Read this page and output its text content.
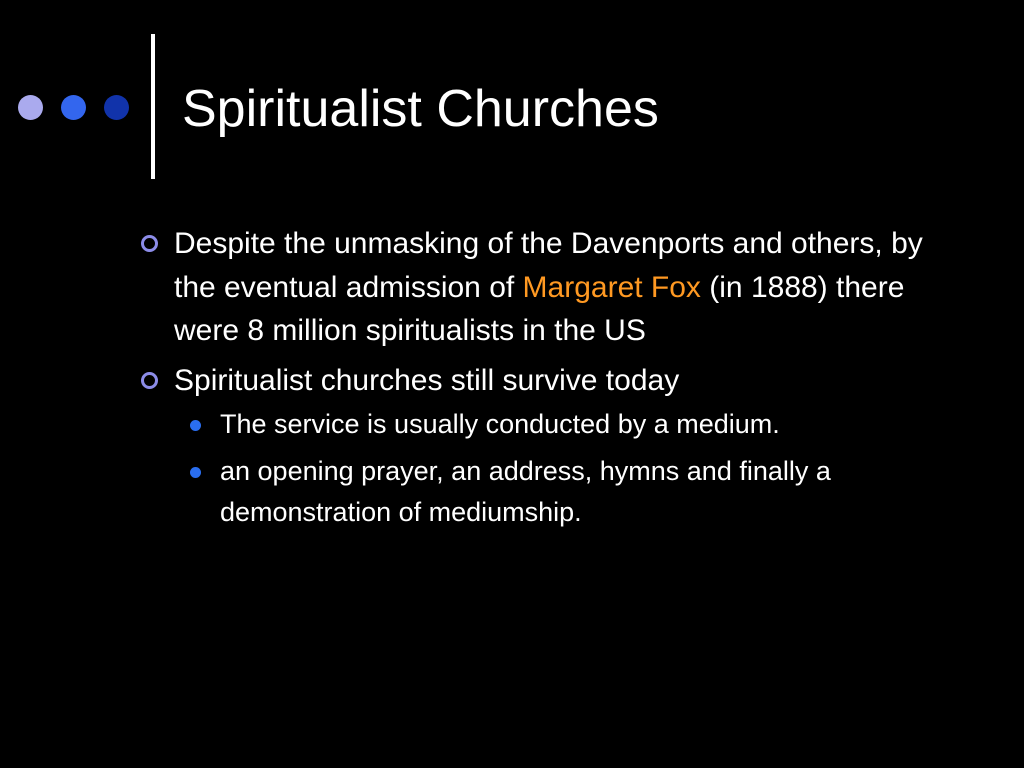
Spiritualist Churches
Despite the unmasking of the Davenports and others, by the eventual admission of Margaret Fox (in 1888) there were 8 million spiritualists in the US
Spiritualist churches still survive today
The service is usually conducted by a medium.
an opening prayer, an address, hymns and finally a demonstration of mediumship.
